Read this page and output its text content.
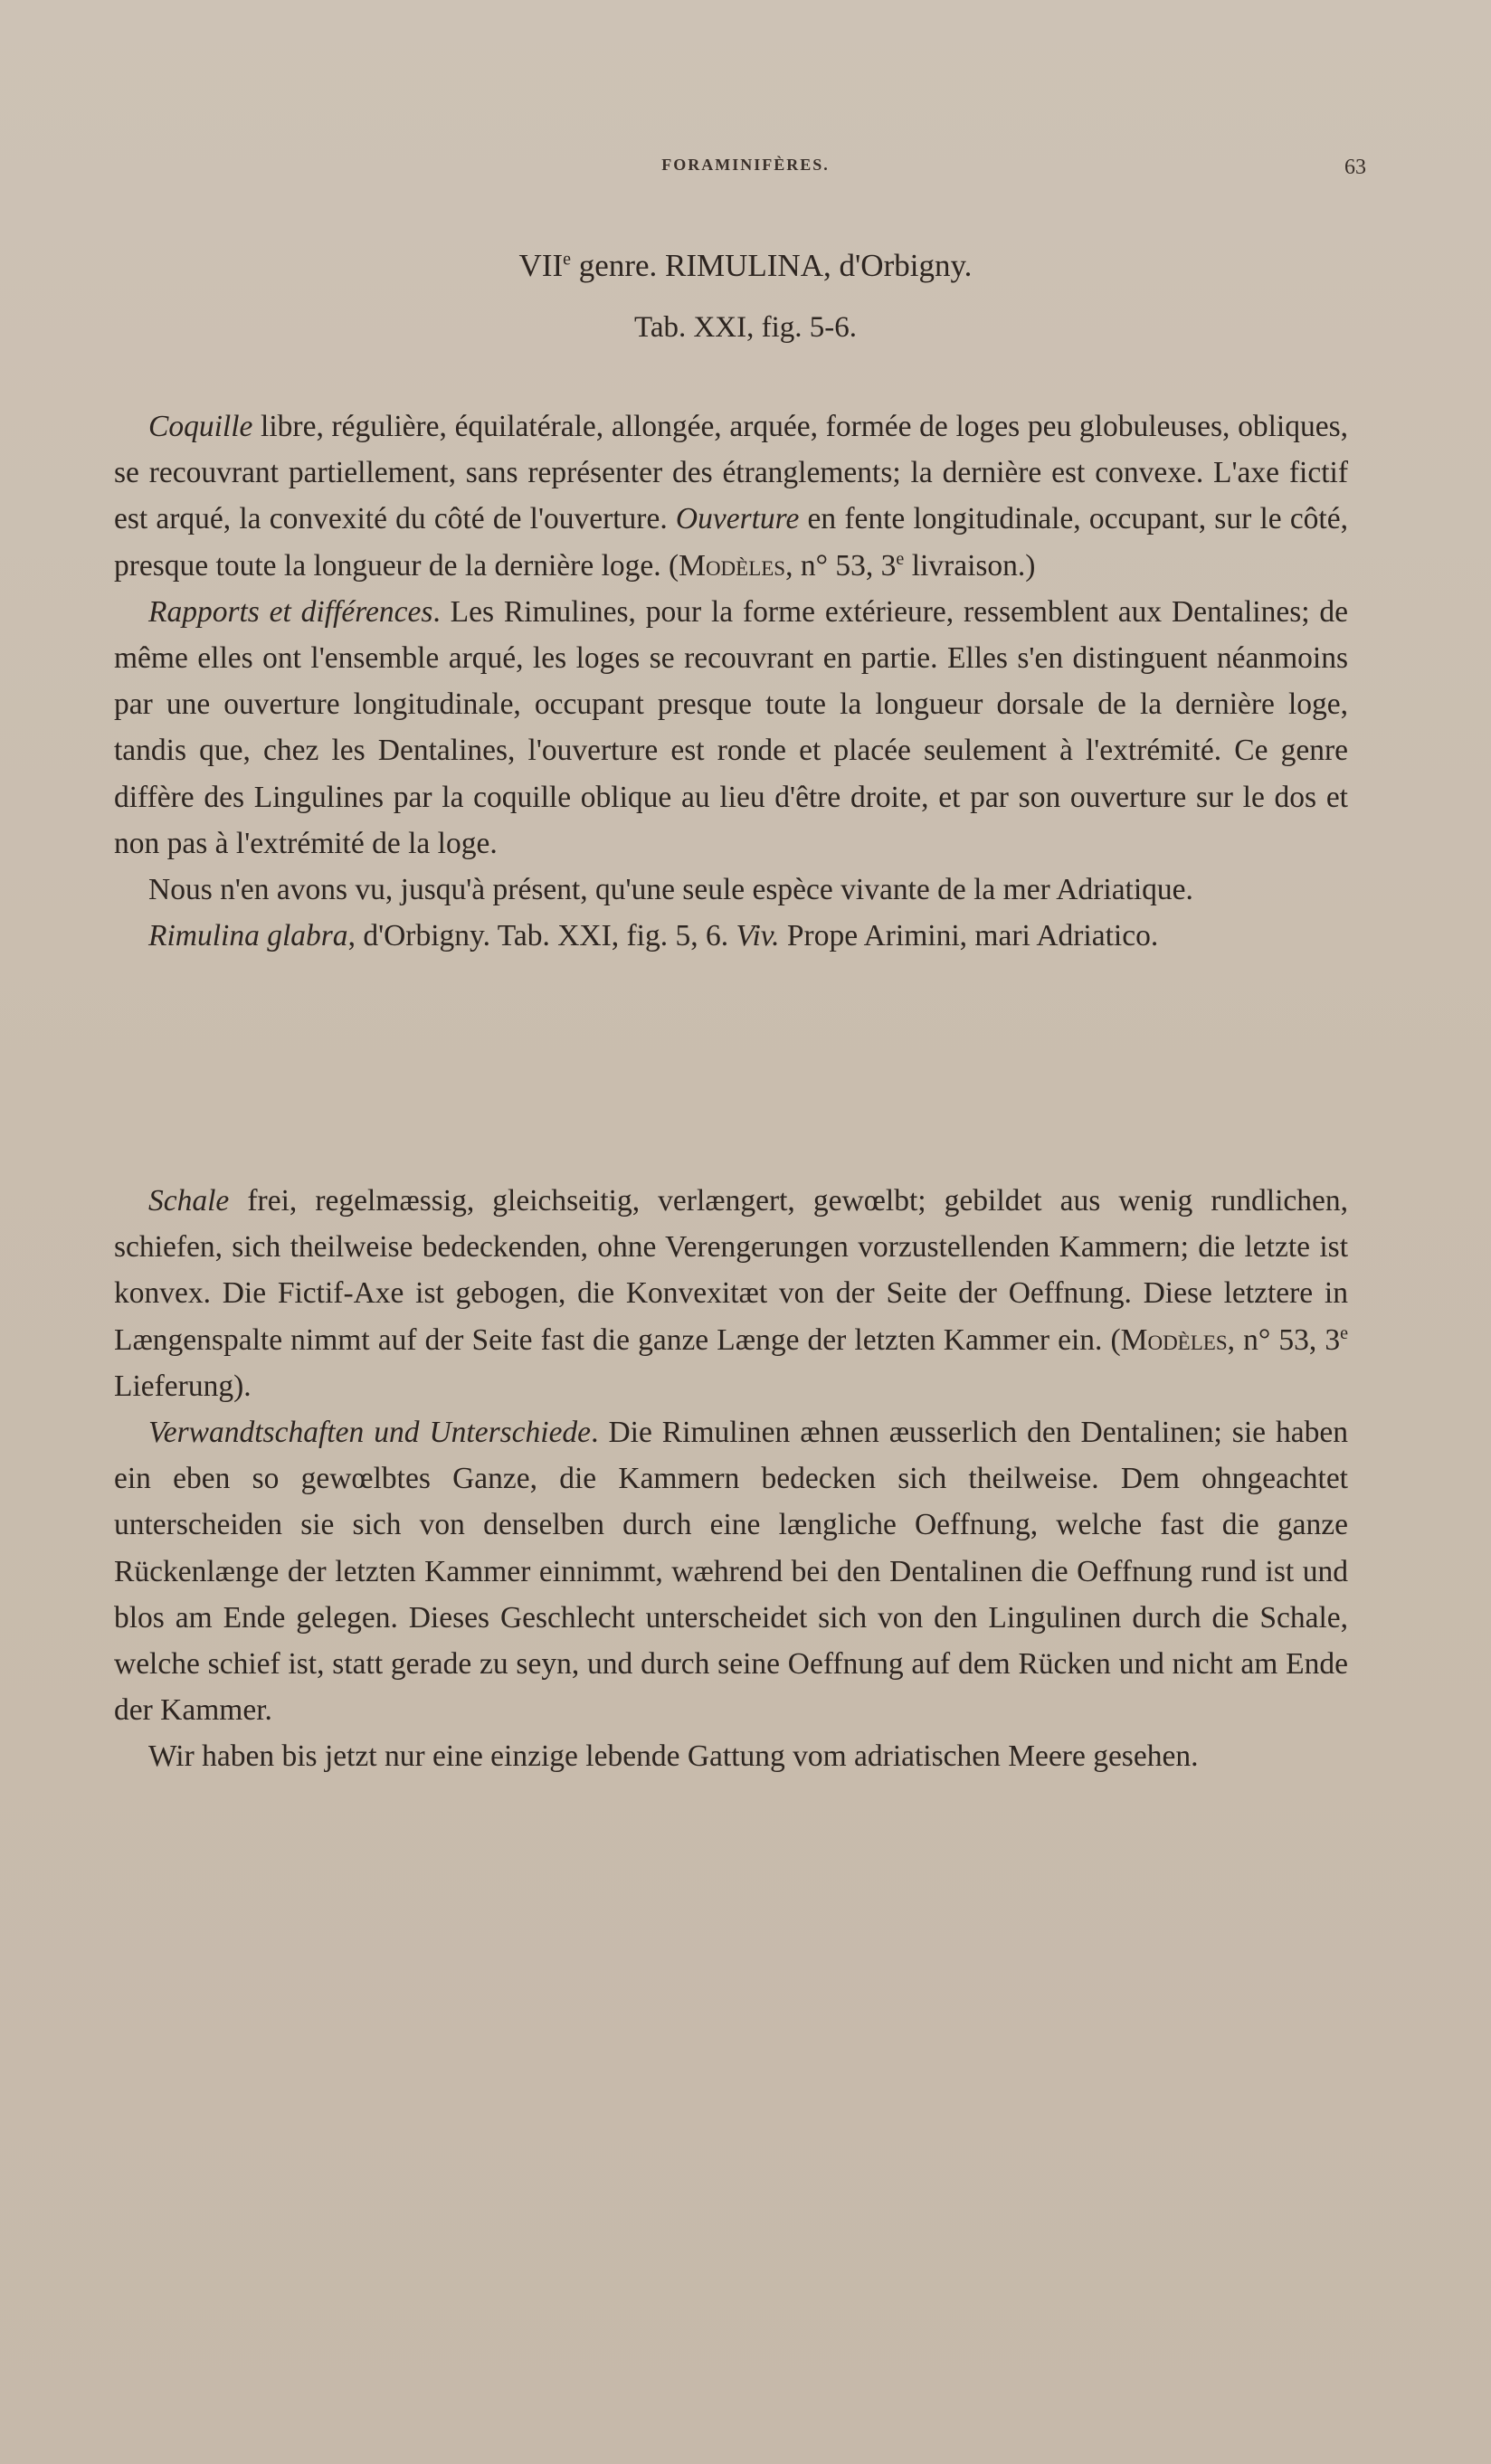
FORAMINIFÈRES.	63
VIIe genre. RIMULINA, d'Orbigny.
Tab. XXI, fig. 5-6.

Coquille libre, régulière, équilatérale, allongée, arquée, formée de loges peu globuleuses, obliques, se recouvrant partiellement, sans représenter des étranglements; la dernière est convexe. L'axe fictif est arqué, la convexité du côté de l'ouverture. Ouverture en fente longitudinale, occupant, sur le côté, presque toute la longueur de la dernière loge. (Modèles, n° 53, 3e livraison.)

Rapports et différences. Les Rimulines, pour la forme extérieure, ressemblent aux Dentalines; de même elles ont l'ensemble arqué, les loges se recouvrant en partie. Elles s'en distinguent néanmoins par une ouverture longitudinale, occupant presque toute la longueur dorsale de la dernière loge, tandis que, chez les Dentalines, l'ouverture est ronde et placée seulement à l'extrémité. Ce genre diffère des Lingulines par la coquille oblique au lieu d'être droite, et par son ouverture sur le dos et non pas à l'extrémité de la loge.

Nous n'en avons vu, jusqu'à présent, qu'une seule espèce vivante de la mer Adriatique.

Rimulina glabra, d'Orbigny. Tab. XXI, fig. 5, 6. Viv. Prope Arimini, mari Adriatico.

Schale frei, regelmæssig, gleichseitig, verlængert, gewœlbt; gebildet aus wenig rundlichen, schiefen, sich theilweise bedeckenden, ohne Verengerungen vorzustellenden Kammern; die letzte ist konvex. Die Fictif-Axe ist gebogen, die Konvexitæt von der Seite der Oeffnung. Diese letztere in Længenspalte nimmt auf der Seite fast die ganze Længe der letzten Kammer ein. (Modèles, n° 53, 3e Lieferung).

Verwandtschaften und Unterschiede. Die Rimulinen æhnen æusserlich den Dentalinen; sie haben ein eben so gewœlbtes Ganze, die Kammern bedecken sich theilweise. Dem ohngeachtet unterscheiden sie sich von denselben durch eine længliche Oeffnung, welche fast die ganze Rückenlænge der letzten Kammer einnimmt, wæhrend bei den Dentalinen die Oeffnung rund ist und blos am Ende gelegen. Dieses Geschlecht unterscheidet sich von den Lingulinen durch die Schale, welche schief ist, statt gerade zu seyn, und durch seine Oeffnung auf dem Rücken und nicht am Ende der Kammer.

Wir haben bis jetzt nur eine einzige lebende Gattung vom adriatischen Meere gesehen.
